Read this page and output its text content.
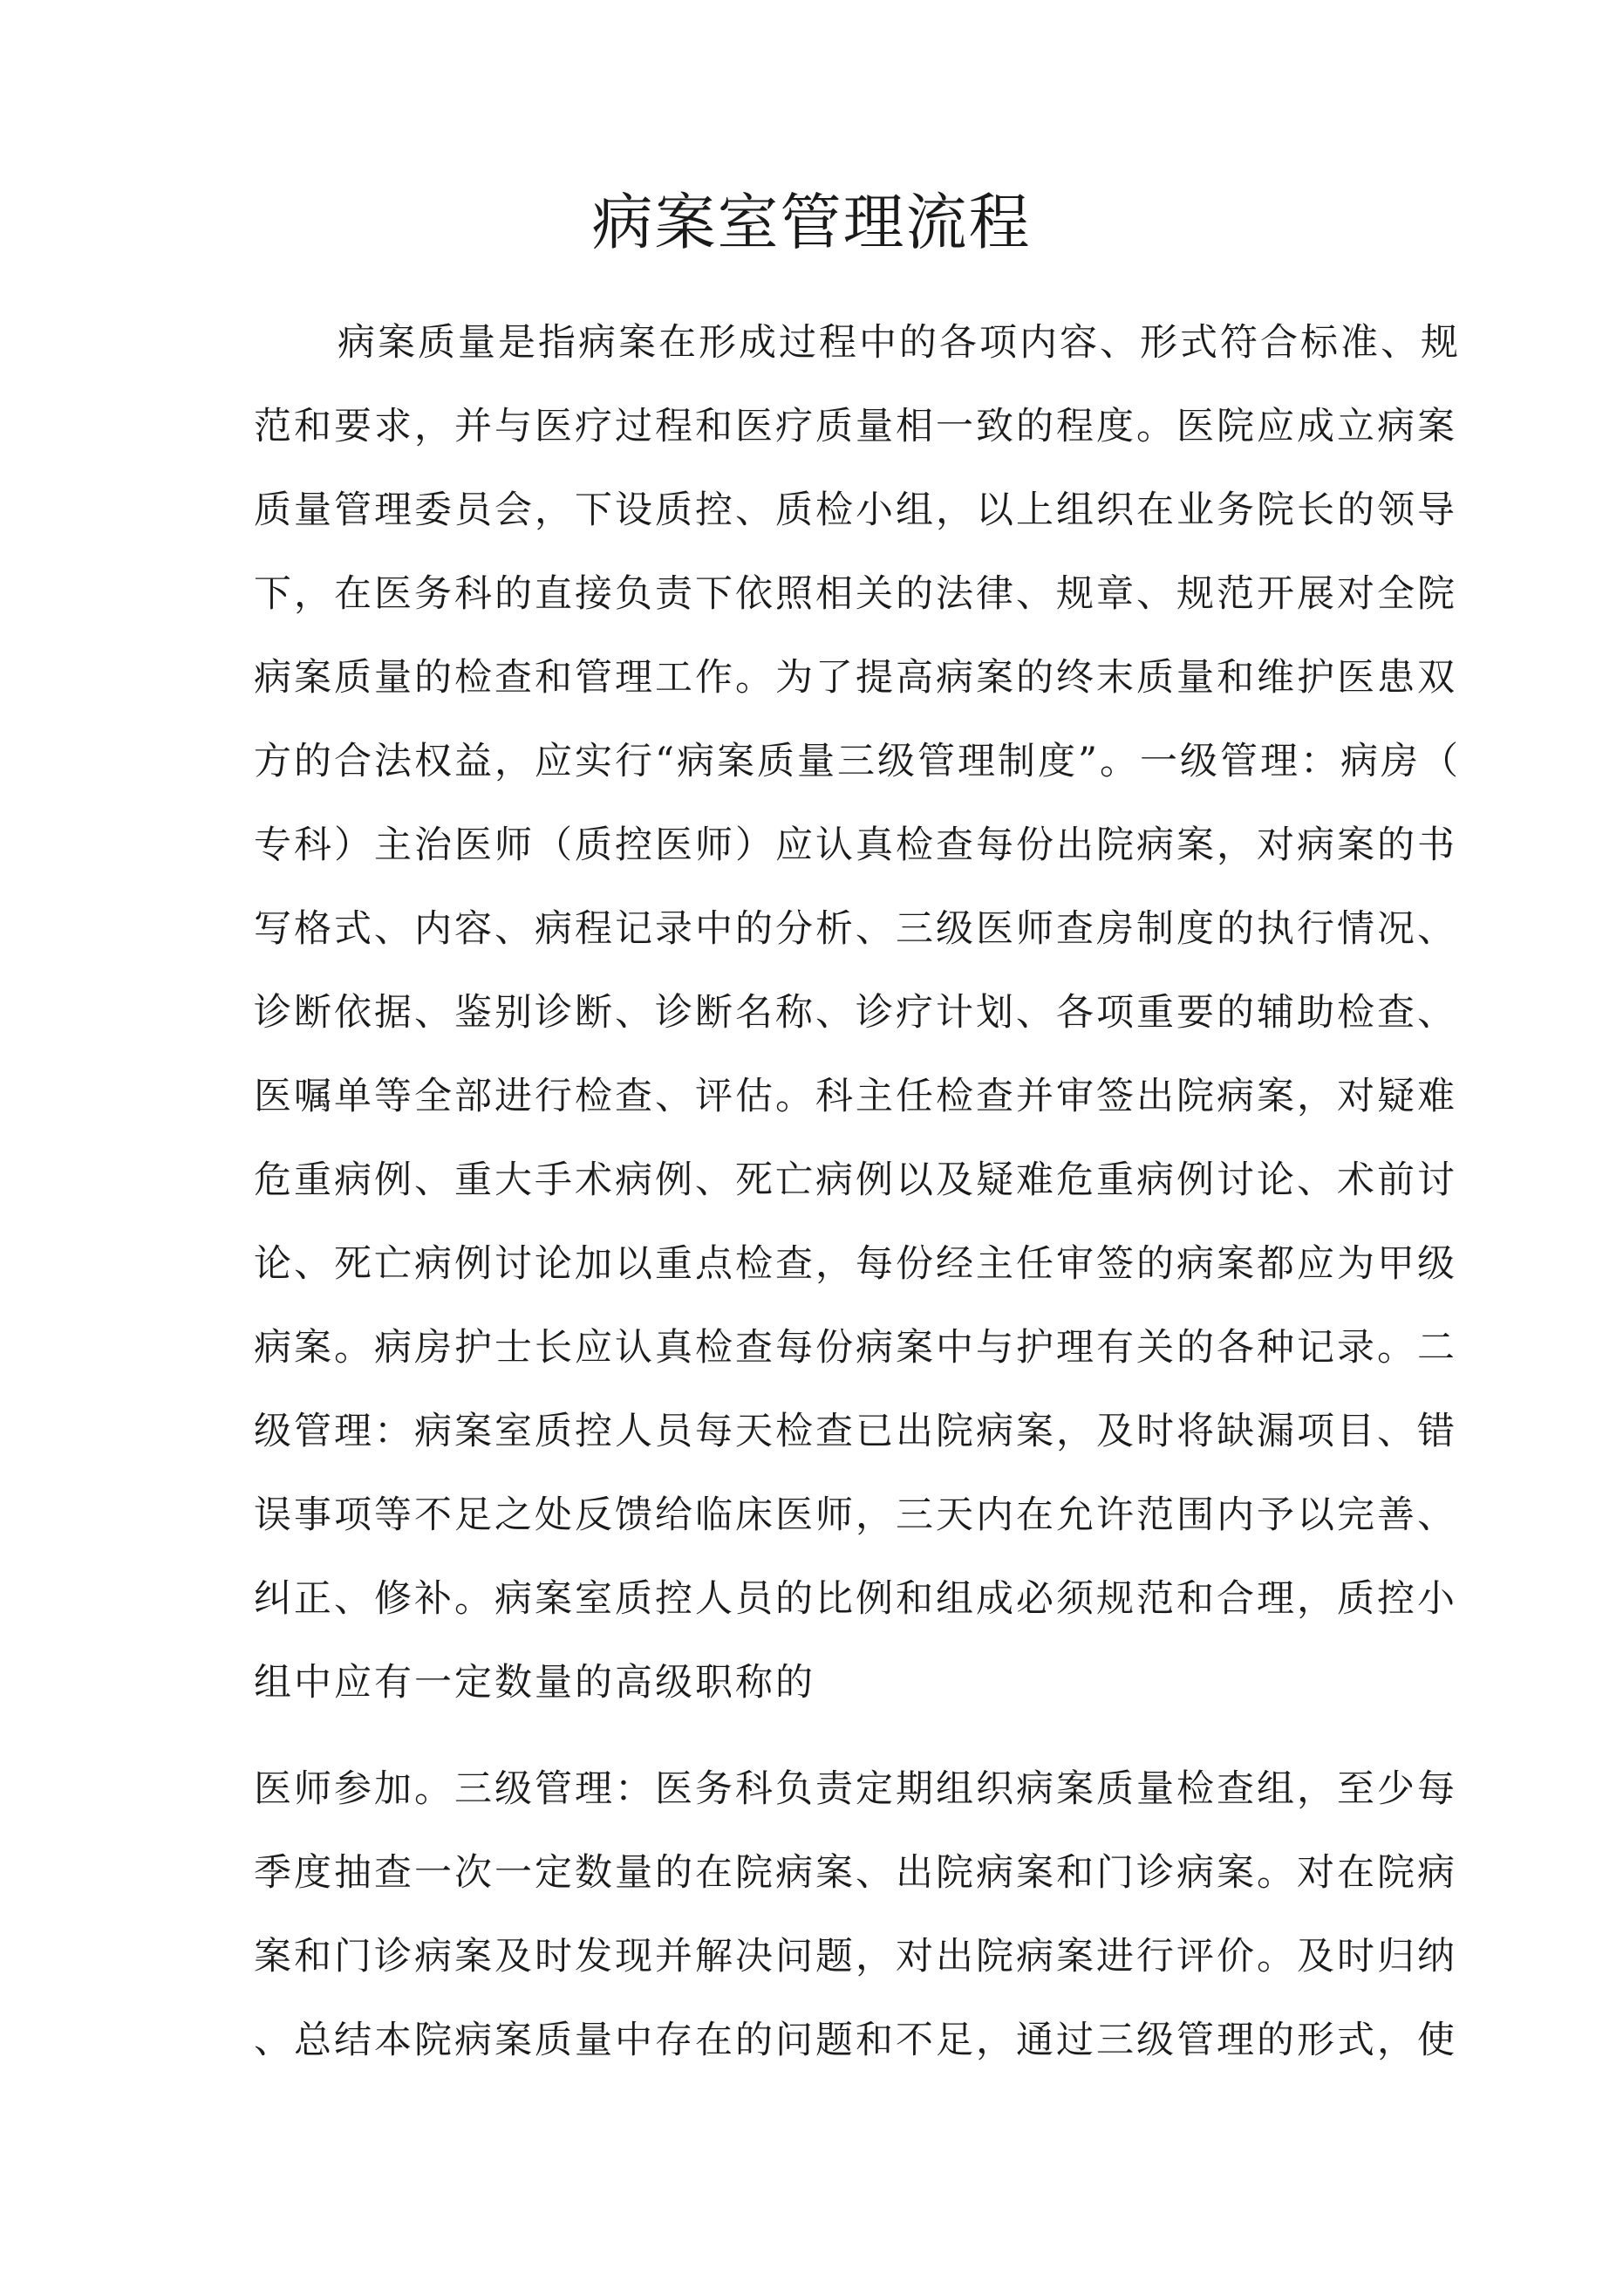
病案室管理流程
病案质量是指病案在形成过程中的各项内容、形式符合标准、规
范和要求，并与医疗过程和医疗质量相一致的程度。医院应成立病案
质量管理委员会，下设质控、质检小组，以上组织在业务院长的领导
下，在医务科的直接负责下依照相关的法律、规章、规范开展对全院
病案质量的检查和管理工作。为了提高病案的终末质量和维护医患双
方的合法权益，应实行“病案质量三级管理制度”。一级管理：病房（
专科）主治医师（质控医师）应认真检查每份出院病案，对病案的书
写格式、内容、病程记录中的分析、三级医师查房制度的执行情况、
诊断依据、鉴别诊断、诊断名称、诊疗计划、各项重要的辅助检查、
医嘱单等全部进行检查、评估。科主任检查并审签出院病案，对疑难
危重病例、重大手术病例、死亡病例以及疑难危重病例讨论、术前讨
论、死亡病例讨论加以重点检查，每份经主任审签的病案都应为甲级
病案。病房护士长应认真检查每份病案中与护理有关的各种记录。二
级管理：病案室质控人员每天检查已出院病案，及时将缺漏项目、错
误事项等不足之处反馈给临床医师，三天内在允许范围内予以完善、
纠正、修补。病案室质控人员的比例和组成必须规范和合理，质控小
组中应有一定数量的高级职称的
医师参加。三级管理：医务科负责定期组织病案质量检查组，至少每
季度抽查一次一定数量的在院病案、出院病案和门诊病案。对在院病
案和门诊病案及时发现并解决问题，对出院病案进行评价。及时归纳
、总结本院病案质量中存在的问题和不足，通过三级管理的形式，使
